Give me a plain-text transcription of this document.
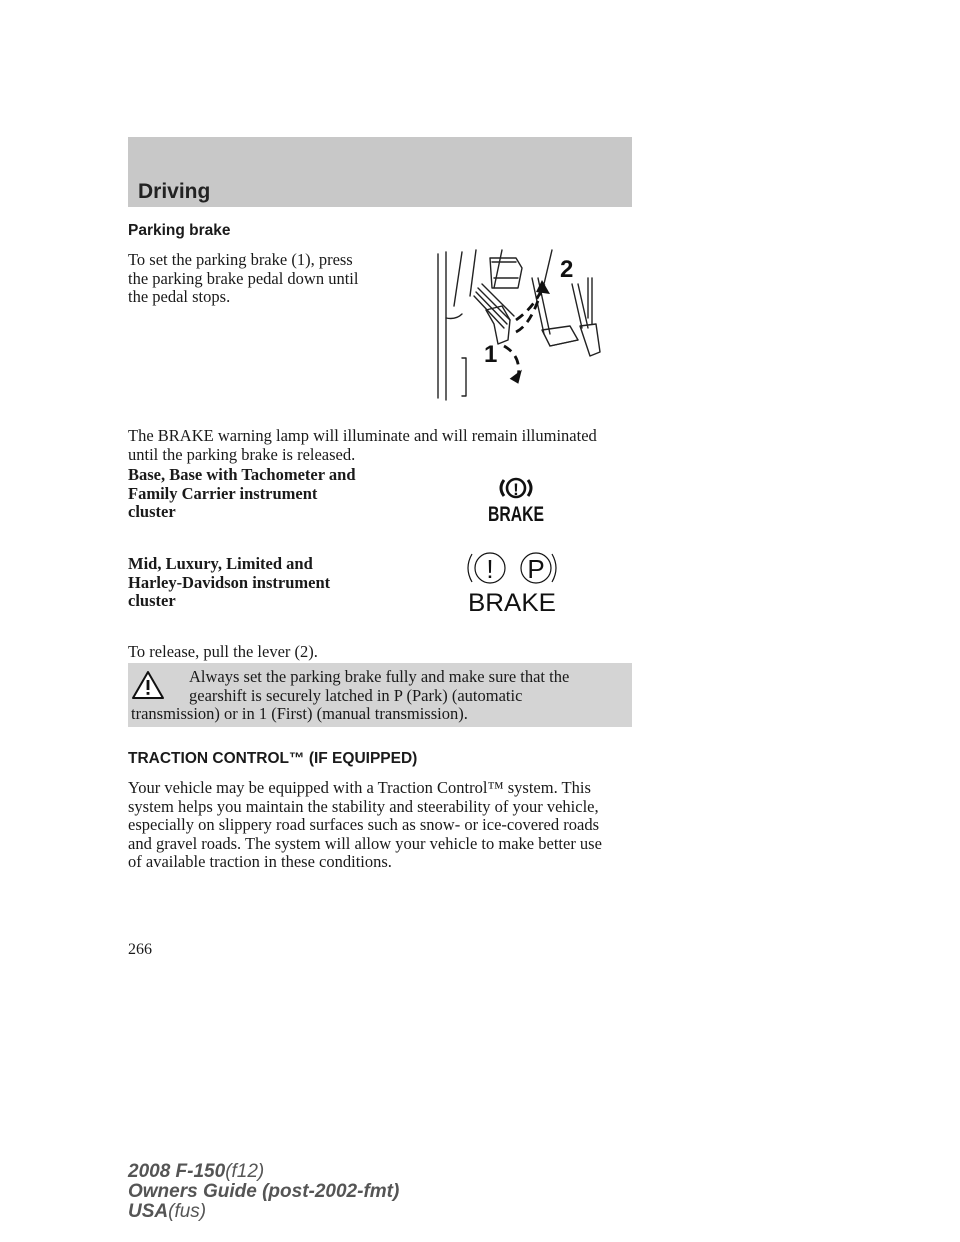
Driving
Parking brake
To set the parking brake (1), press
the parking brake pedal down until
the pedal stops.
2
1
The BRAKE warning lamp will illuminate and will remain illuminated
until the parking brake is released.
Base, Base with Tachometer and
Family Carrier instrument
cluster
!
BRAKE
Mid, Luxury, Limited and
Harley-Davidson instrument
cluster
! P
BRAKE
To release, pull the lever (2).
Always set the parking brake fully and make sure that the
gearshift is securely latched in P (Park) (automatic
transmission) or in 1 (First) (manual transmission).
TRACTION CONTROL™ (IF EQUIPPED)
Your vehicle may be equipped with a Traction Control™ system. This
system helps you maintain the stability and steerability of your vehicle,
especially on slippery road surfaces such as snow- or ice-covered roads
and gravel roads. The system will allow your vehicle to make better use
of available traction in these conditions.
266
2008 F-150(f12)
Owners Guide (post-2002-fmt)
USA(fus)
